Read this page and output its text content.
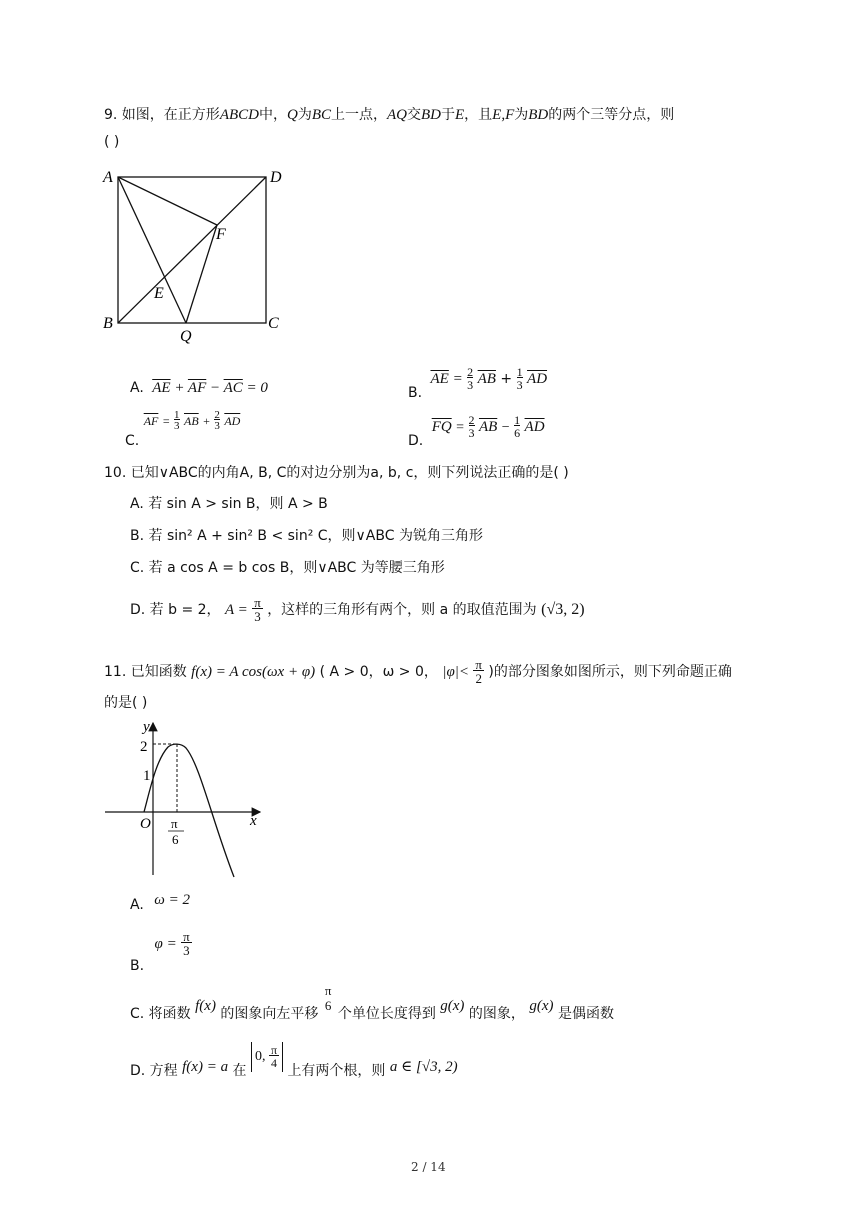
9. 如图，在正方形ABCD中，Q为BC上一点，AQ交BD于E，且E,F为BD的两个三等分点，则
( )
A	D
F
E
B
Q
C
A. $\overline{AE} + \overline{AF} - \overline{AC} = 0$	B. $\overline{AE} = \frac{2}{3} \overline{AB} + \frac{1}{3} \overline{AD}$
C. $\overline{AF} = \frac{1}{3} \overline{AB} + \frac{2}{3} \overline{AD}$
D. $\overline{FQ} = \frac{2}{3} \overline{AB} - \frac{1}{6} \overline{AD}$
10. 已知∨ABC的内角A, B, C的对边分别为a, b, c，则下列说法正确的是( )
A. 若 sin A > sin B，则 A > B
B. 若 sin² A + sin² B < sin² C，则∨ABC 为锐角三角形
C. 若 a cos A = b cos B，则∨ABC 为等腰三角形
D. 若 b = 2， $A = \frac{\pi}{3}$ ，这样的三角形有两个，则 a 的取值范围为 (√3, 2)
11. 已知函数 f(x) = A cos(ωx + φ) ( A > 0，ω > 0， $|\varphi|< \frac{\pi}{2}$ )的部分图象如图所示，则下列命题正确
的是( )
y
x
O
2
1
π
6
A. ω = 2
B. $\varphi = \frac{\pi}{3}$
C. 将函数 f(x) 的图象向左平移 π
6 个单位长度得到 g(x) 的图象， g(x) 是偶函数
D. 方程 f(x) = a 在 0, $\frac{\pi}{4}$ 上有两个根，则 a ∈ [√3, 2)
2 / 14
